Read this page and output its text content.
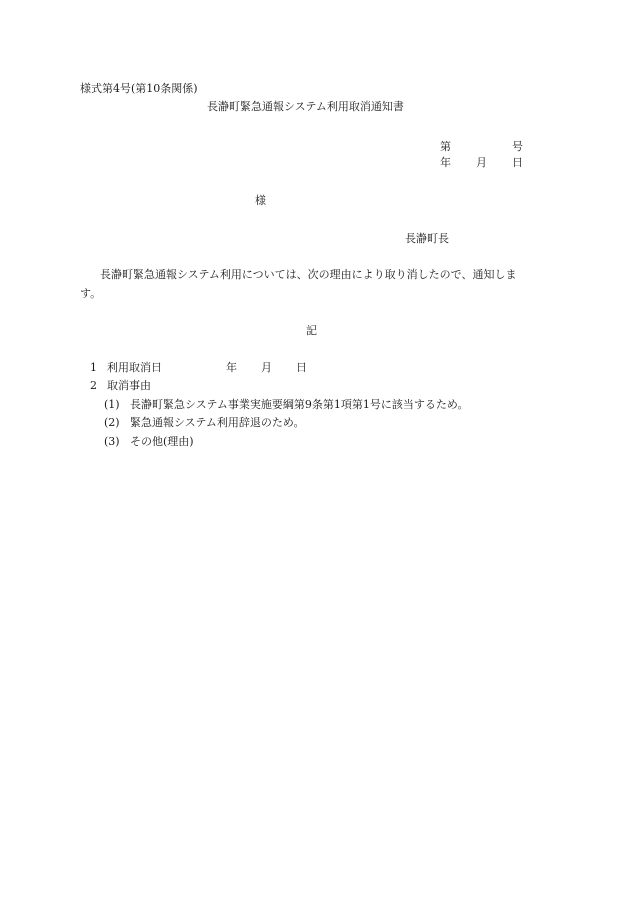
様式第4号(第10条関係)
長瀞町緊急通報システム利用取消通知書
第	号
年 月 日
様
長瀞町長
長瀞町緊急通報システム利用については、次の理由により取り消したので、通知しま
す。
記
1 利用取消日	年 月 日
2 取消事由
(1) 長瀞町緊急システム事業実施要綱第9条第1項第1号に該当するため。
(2) 緊急通報システム利用辞退のため。
(3) その他(理由)
